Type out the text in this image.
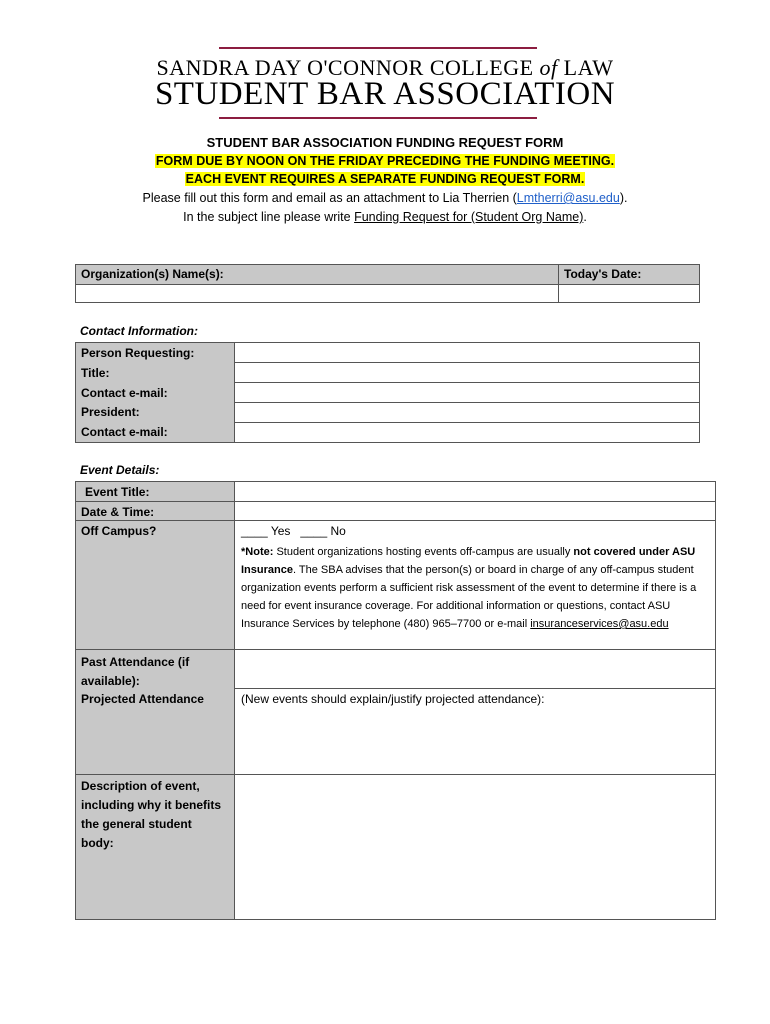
SANDRA DAY O'CONNOR COLLEGE of LAW
STUDENT BAR ASSOCIATION
STUDENT BAR ASSOCIATION FUNDING REQUEST FORM
FORM DUE BY NOON ON THE FRIDAY PRECEDING THE FUNDING MEETING.
EACH EVENT REQUIRES A SEPARATE FUNDING REQUEST FORM.
Please fill out this form and email as an attachment to Lia Therrien (Lmtherri@asu.edu).
In the subject line please write Funding Request for (Student Org Name).
Organization(s) Name(s):	Today's Date:
Contact Information:
Person Requesting:
Title:
Contact e-mail:
President:
Contact e-mail:
Event Details:
Event Title:
Date & Time:
Off Campus?
Past Attendance (if available):
Projected Attendance
Description of event, including why it benefits the general student body:
____ Yes ____ No
*Note: Student organizations hosting events off-campus are usually not covered under ASU Insurance. The SBA advises that the person(s) or board in charge of any off-campus student organization events perform a sufficient risk assessment of the event to determine if there is a need for event insurance coverage. For additional information or questions, contact ASU Insurance Services by telephone (480) 965–7700 or e-mail insuranceservices@asu.edu
(New events should explain/justify projected attendance):
